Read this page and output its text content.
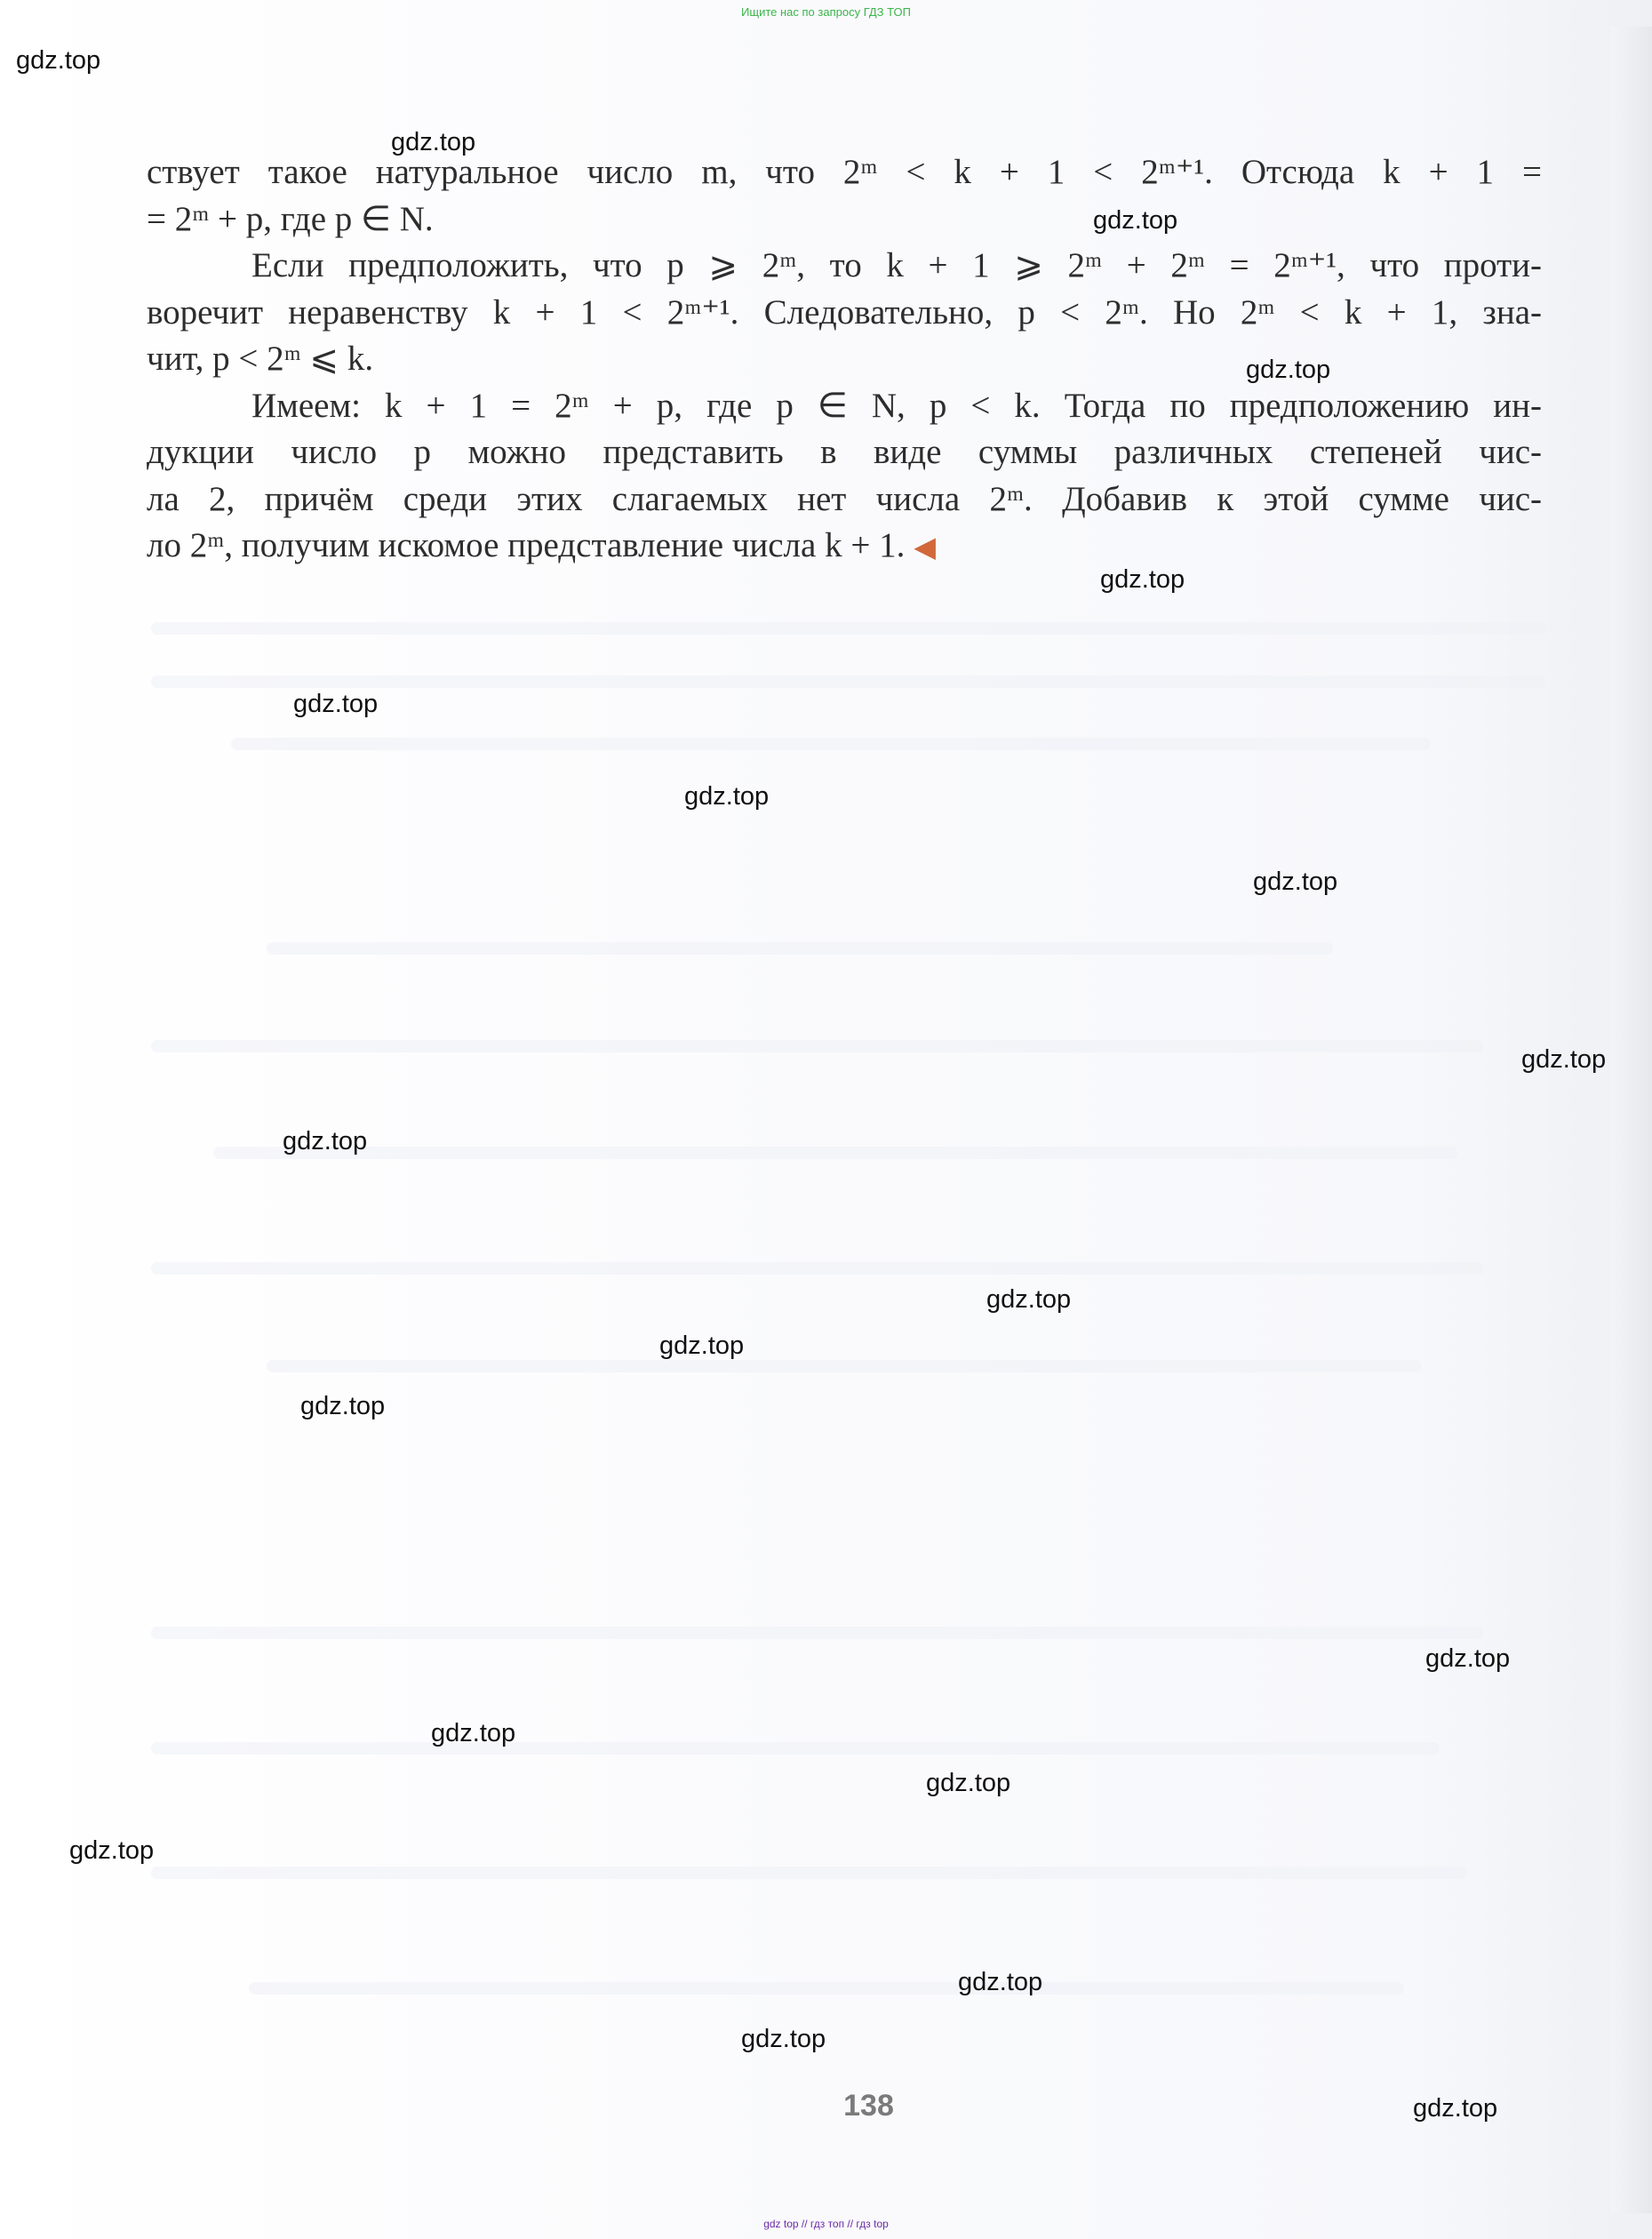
Ищите нас по запросу ГДЗ ТОП
ствует такое натуральное число m, что 2ᵐ < k + 1 < 2ᵐ⁺¹. Отсюда k + 1 =
= 2ᵐ + p, где p ∈ N.
Если предположить, что p ⩾ 2ᵐ, то k + 1 ⩾ 2ᵐ + 2ᵐ = 2ᵐ⁺¹, что проти-
воречит неравенству k + 1 < 2ᵐ⁺¹. Следовательно, p < 2ᵐ. Но 2ᵐ < k + 1, зна-
чит, p < 2ᵐ ⩽ k.
Имеем: k + 1 = 2ᵐ + p, где p ∈ N, p < k. Тогда по предположению ин-
дукции число p можно представить в виде суммы различных степеней чис-
ла 2, причём среди этих слагаемых нет числа 2ᵐ. Добавив к этой сумме чис-
ло 2ᵐ, получим искомое представление числа k + 1. ◀
gdz.top
gdz.top
gdz.top
gdz.top
gdz.top
gdz.top
gdz.top
gdz.top
gdz.top
gdz.top
gdz.top
gdz.top
gdz.top
gdz.top
gdz.top
gdz.top
gdz.top
gdz.top
gdz.top
gdz.top
138
gdz top // гдз топ // гдз top
